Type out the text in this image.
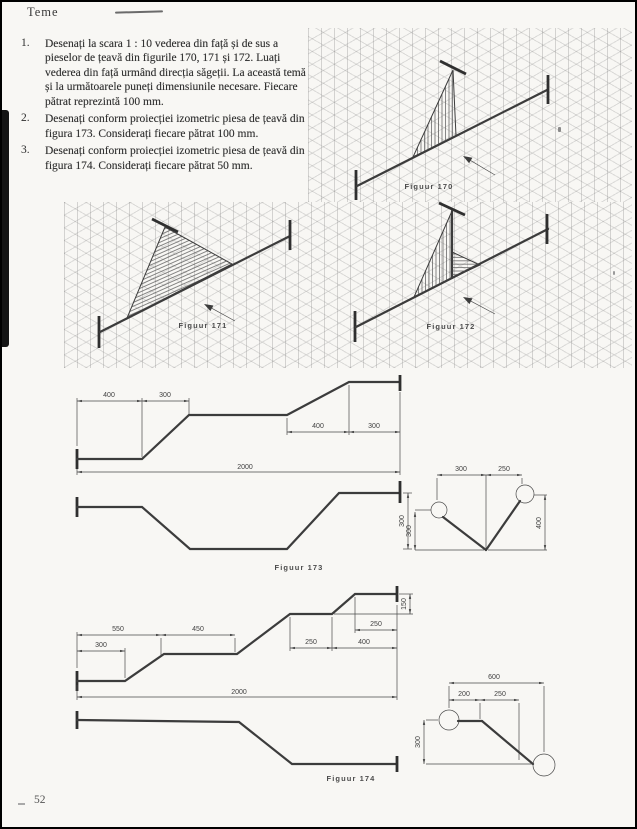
Teme
1.	Desenați la scara 1 : 10 vederea din față și de sus a pieselor de țeavă din figurile 170, 171 și 172. Luați vederea din față urmând direcția săgeții. La această temă și la următoarele puneți dimensiunile necesare. Fiecare pătrat reprezintă 100 mm.
2.	Desenați conform proiecției izometric piesa de țeavă din figura 173. Considerați fiecare pătrat 100 mm.
3.	Desenați conform proiecției izometric piesa de țeavă din figura 174. Considerați fiecare pătrat 50 mm.
Figuur 170
Figuur 171	Figuur 172
400	300
400	300
2000
300
Figuur 173
300	250
300
400
300
550	450
250	400
250
150
2000
Figuur 174
600
200	250
300
52
